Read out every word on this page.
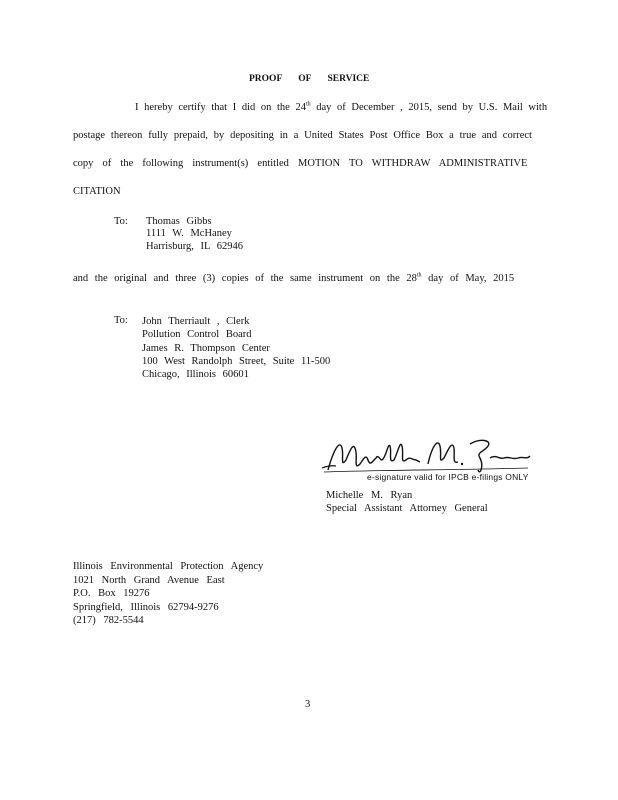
PROOF OF SERVICE
I hereby certify that I did on the 24th day of December , 2015, send by U.S. Mail with
postage thereon fully prepaid, by depositing in a United States Post Office Box a true and correct
copy of the following instrument(s) entitled MOTION TO WITHDRAW ADMINISTRATIVE
CITATION
To: Thomas Gibbs
1111 W. McHaney
Harrisburg, IL 62946
and the original and three (3) copies of the same instrument on the 28th day of May, 2015
To: John Therriault , Clerk
Pollution Control Board
James R. Thompson Center
100 West Randolph Street, Suite 11-500
Chicago, Illinois 60601
e-signature valid for IPCB e-filings ONLY
Michelle M. Ryan
Special Assistant Attorney General
Illinois Environmental Protection Agency
1021 North Grand Avenue East
P.O. Box 19276
Springfield, Illinois 62794-9276
(217) 782-5544
3
